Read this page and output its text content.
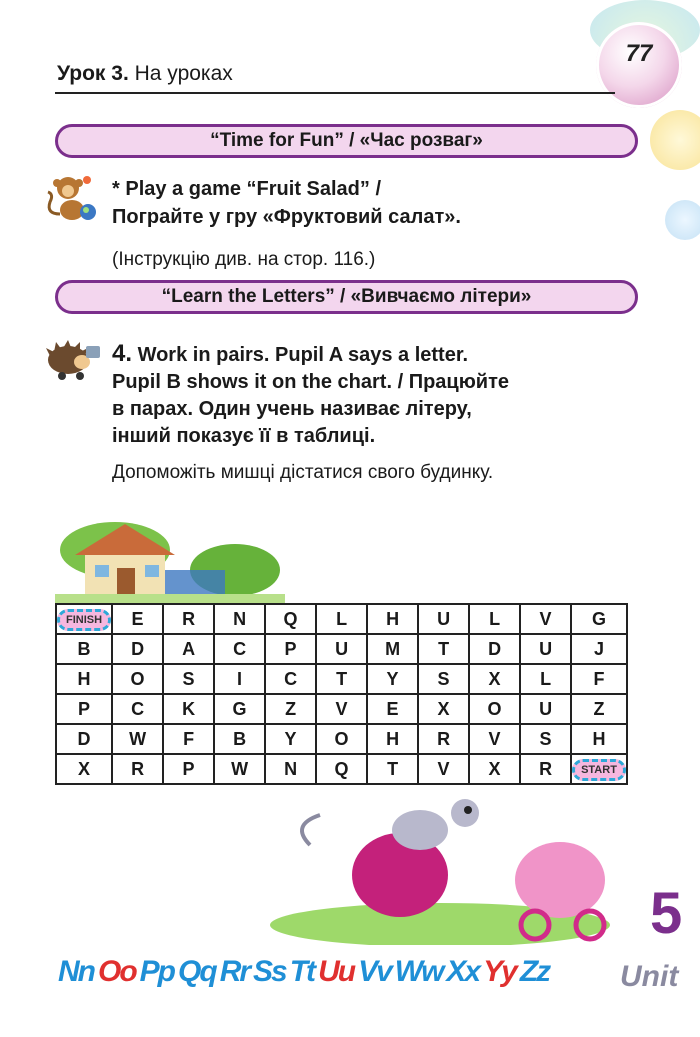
77
Урок 3. На уроках
“Time for Fun” / «Час розваг»
* Play a game “Fruit Salad” /
Пограйте у гру «Фруктовий салат».
(Інструкцію див. на стор. 116.)
“Learn the Letters” / «Вивчаємо літери»
4. Work in pairs. Pupil A says a letter.
Pupil B shows it on the chart. / Працюйте
в парах. Один учень називає літеру,
інший показує її в таблиці.
Допоможіть мишці дістатися свого будинку.
FINISH	E	R	N	Q	L	H	U	L	V	G
B	D	A	C	P	U	M	T	D	U	J
H	O	S	I	C	T	Y	S	X	L	F
P	C	K	G	Z	V	E	X	O	U	Z
D	W	F	B	Y	O	H	R	V	S	H
X	R	P	W	N	Q	T	V	X	R	START
5
Unit
Nn Oo Pp Qq Rr Ss Tt Uu Vv Ww Xx Yy Zz
